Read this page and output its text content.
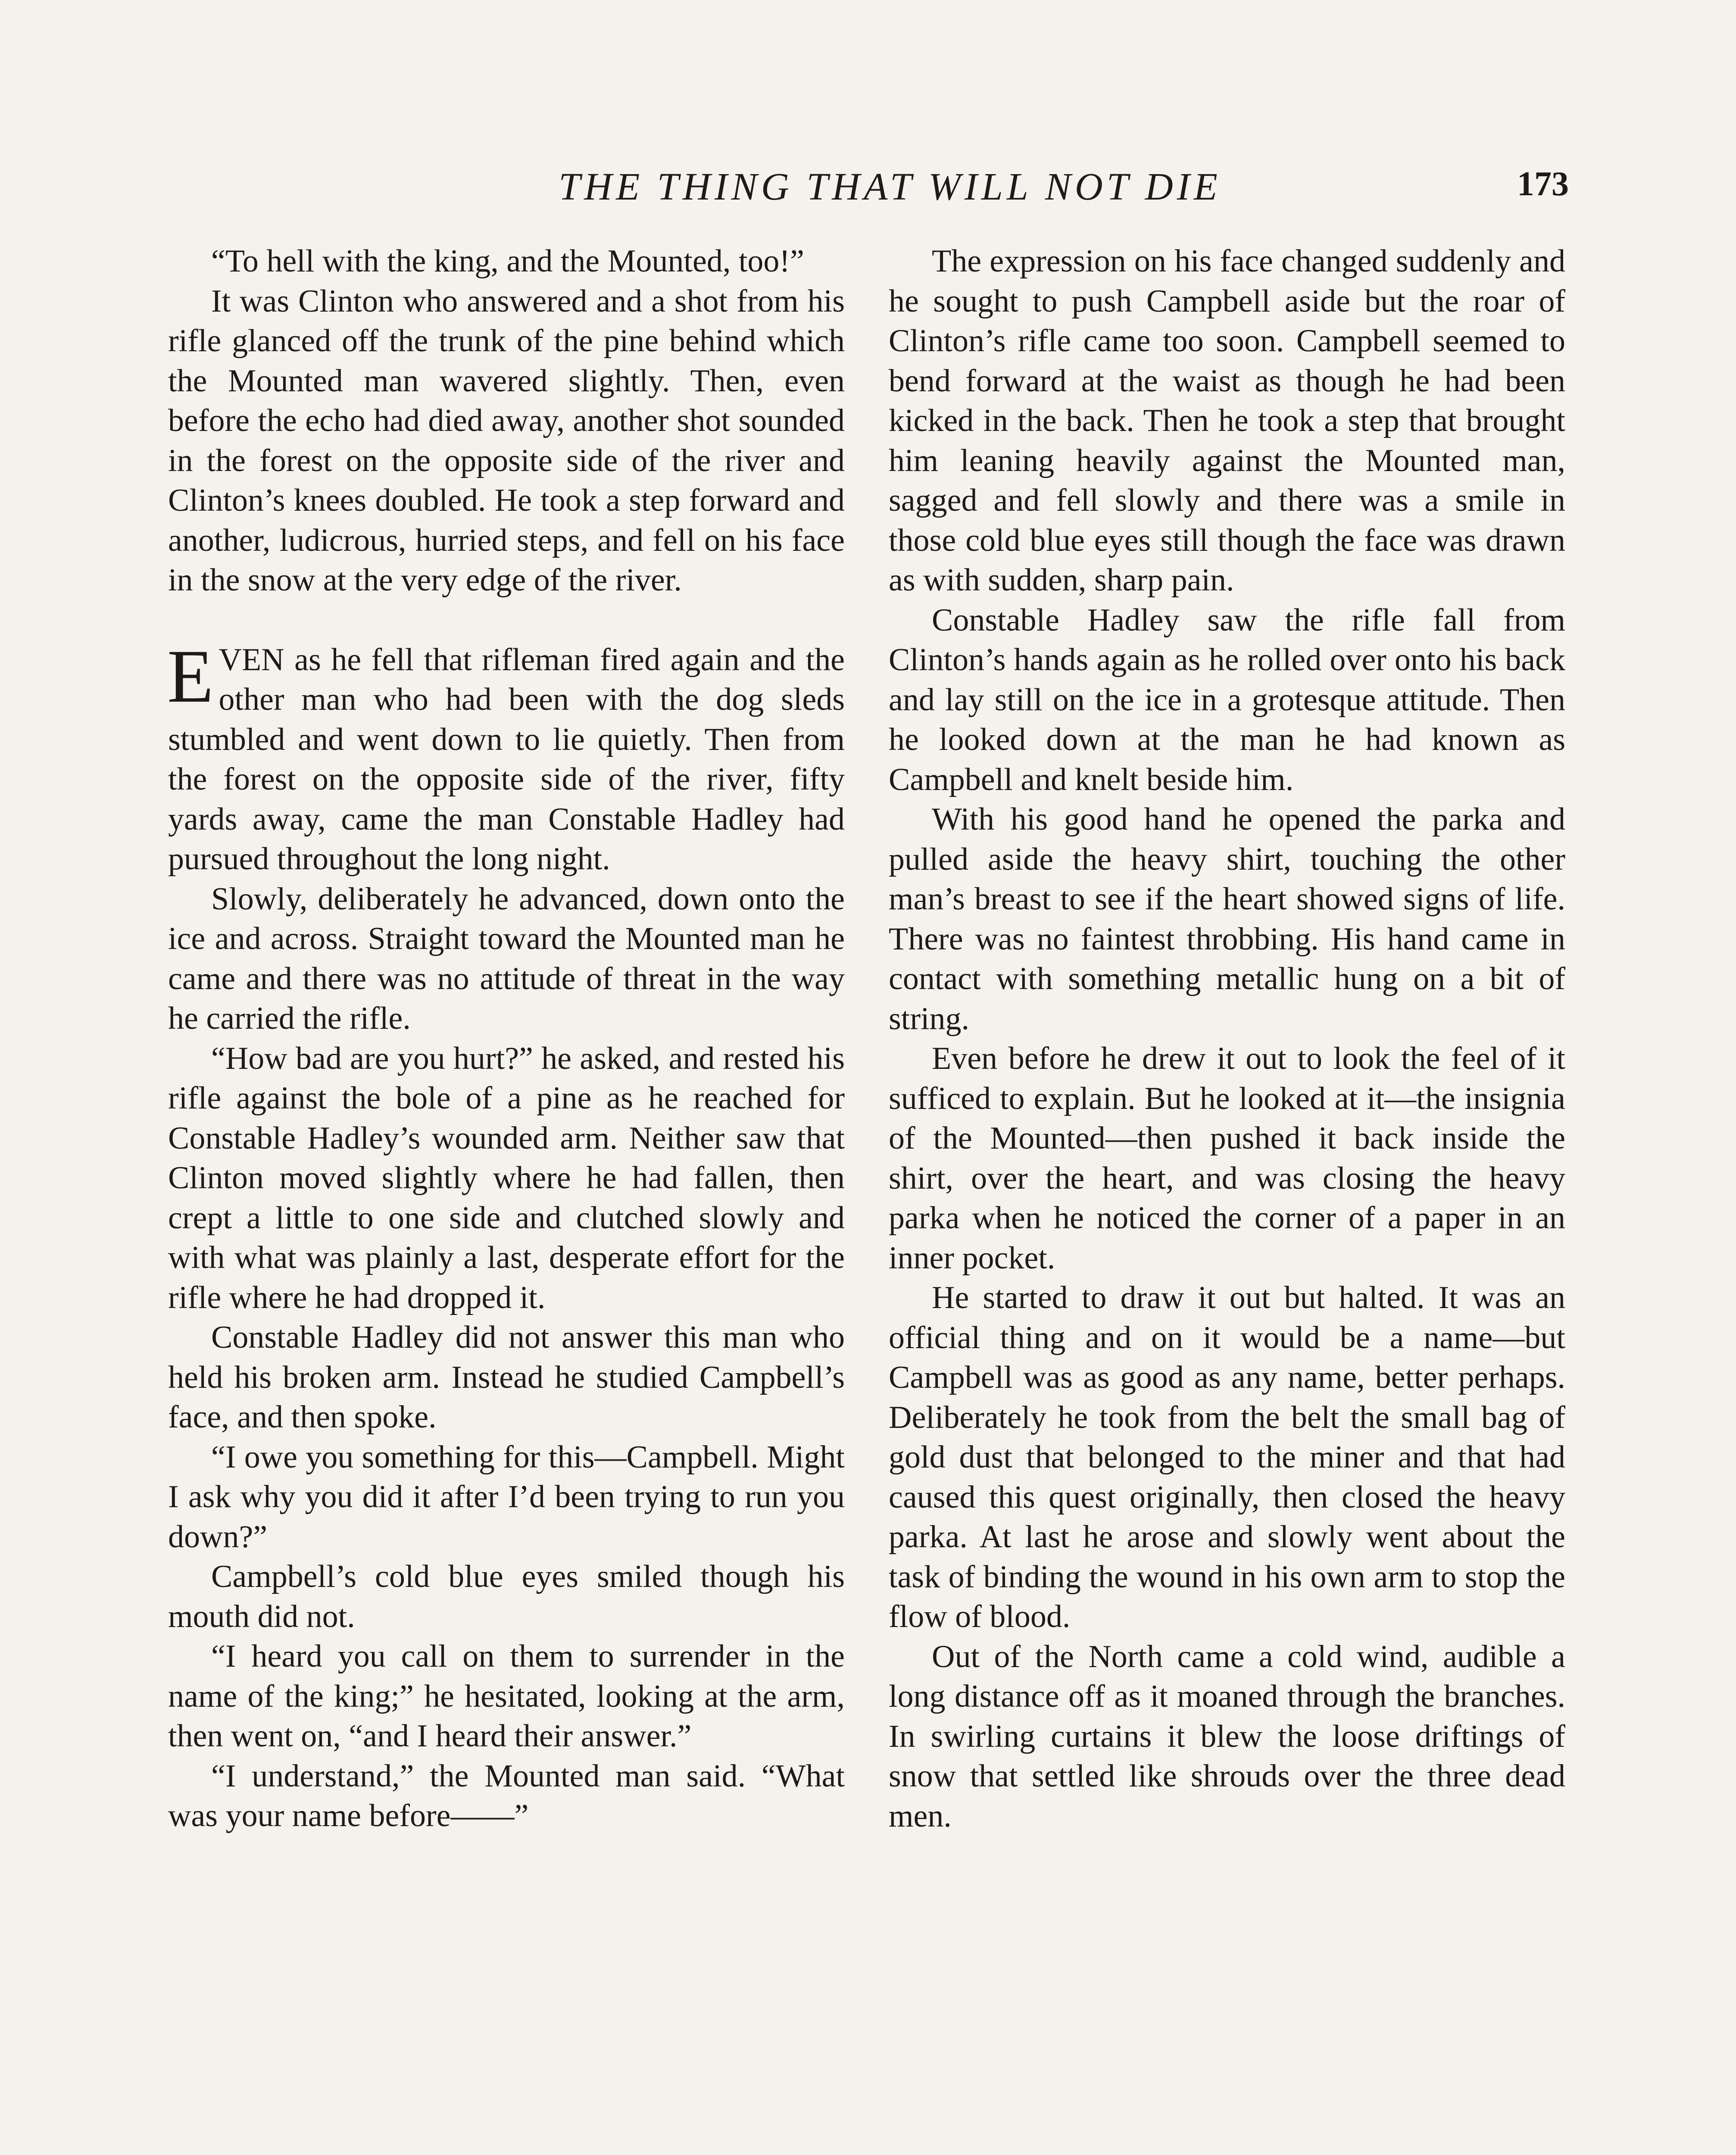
THE THING THAT WILL NOT DIE	173

“To hell with the king, and the Mounted, too!”

It was Clinton who answered and a shot from his rifle glanced off the trunk of the pine behind which the Mounted man wavered slightly. Then, even before the echo had died away, another shot sounded in the forest on the opposite side of the river and Clinton’s knees doubled. He took a step forward and another, ludicrous, hurried steps, and fell on his face in the snow at the very edge of the river.

EVEN as he fell that rifleman fired again and the other man who had been with the dog sleds stumbled and went down to lie quietly. Then from the forest on the opposite side of the river, fifty yards away, came the man Constable Hadley had pursued throughout the long night.

Slowly, deliberately he advanced, down onto the ice and across. Straight toward the Mounted man he came and there was no attitude of threat in the way he carried the rifle.

“How bad are you hurt?” he asked, and rested his rifle against the bole of a pine as he reached for Constable Hadley’s wounded arm. Neither saw that Clinton moved slightly where he had fallen, then crept a little to one side and clutched slowly and with what was plainly a last, desperate effort for the rifle where he had dropped it.

Constable Hadley did not answer this man who held his broken arm. Instead he studied Campbell’s face, and then spoke.

“I owe you something for this—Campbell. Might I ask why you did it after I’d been trying to run you down?”

Campbell’s cold blue eyes smiled though his mouth did not.

“I heard you call on them to surrender in the name of the king;” he hesitated, looking at the arm, then went on, “and I heard their answer.”

“I understand,” the Mounted man said. “What was your name before——”

The expression on his face changed suddenly and he sought to push Campbell aside but the roar of Clinton’s rifle came too soon. Campbell seemed to bend forward at the waist as though he had been kicked in the back. Then he took a step that brought him leaning heavily against the Mounted man, sagged and fell slowly and there was a smile in those cold blue eyes still though the face was drawn as with sudden, sharp pain.

Constable Hadley saw the rifle fall from Clinton’s hands again as he rolled over onto his back and lay still on the ice in a grotesque attitude. Then he looked down at the man he had known as Campbell and knelt beside him.

With his good hand he opened the parka and pulled aside the heavy shirt, touching the other man’s breast to see if the heart showed signs of life. There was no faintest throbbing. His hand came in contact with something metallic hung on a bit of string.

Even before he drew it out to look the feel of it sufficed to explain. But he looked at it—the insignia of the Mounted—then pushed it back inside the shirt, over the heart, and was closing the heavy parka when he noticed the corner of a paper in an inner pocket.

He started to draw it out but halted. It was an official thing and on it would be a name—but Campbell was as good as any name, better perhaps. Deliberately he took from the belt the small bag of gold dust that belonged to the miner and that had caused this quest originally, then closed the heavy parka. At last he arose and slowly went about the task of binding the wound in his own arm to stop the flow of blood.

Out of the North came a cold wind, audible a long distance off as it moaned through the branches. In swirling curtains it blew the loose driftings of snow that settled like shrouds over the three dead men.
